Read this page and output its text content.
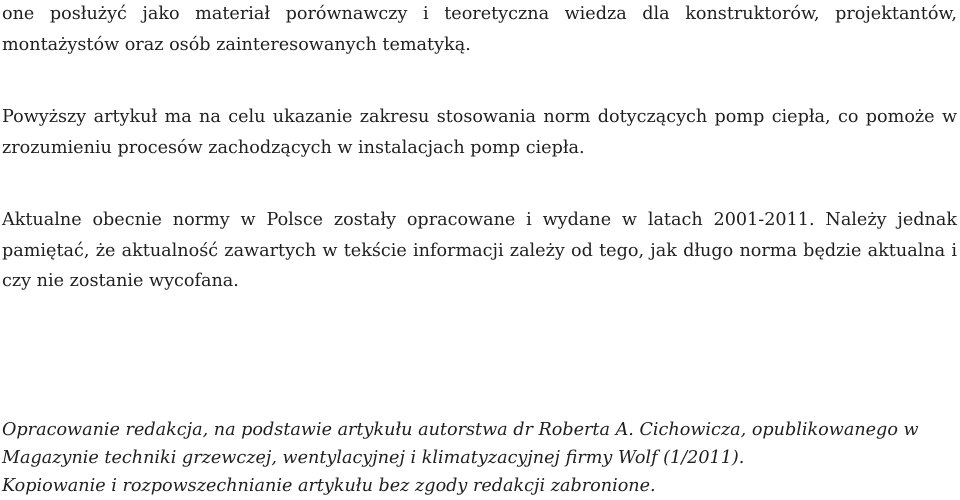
one posłużyć jako materiał porównawczy i teoretyczna wiedza dla konstruktorów, projektantów, montażystów oraz osób zainteresowanych tematyką.

Powyższy artykuł ma na celu ukazanie zakresu stosowania norm dotyczących pomp ciepła, co pomoże w zrozumieniu procesów zachodzących w instalacjach pomp ciepła.

Aktualne obecnie normy w Polsce zostały opracowane i wydane w latach 2001-2011. Należy jednak pamiętać, że aktualność zawartych w tekście informacji zależy od tego, jak długo norma będzie aktualna i czy nie zostanie wycofana.

Opracowanie redakcja, na podstawie artykułu autorstwa dr Roberta A. Cichowicza, opublikowanego w Magazynie techniki grzewczej, wentylacyjnej i klimatyzacyjnej firmy Wolf (1/2011).

Kopiowanie i rozpowszechnianie artykułu bez zgody redakcji zabronione.
